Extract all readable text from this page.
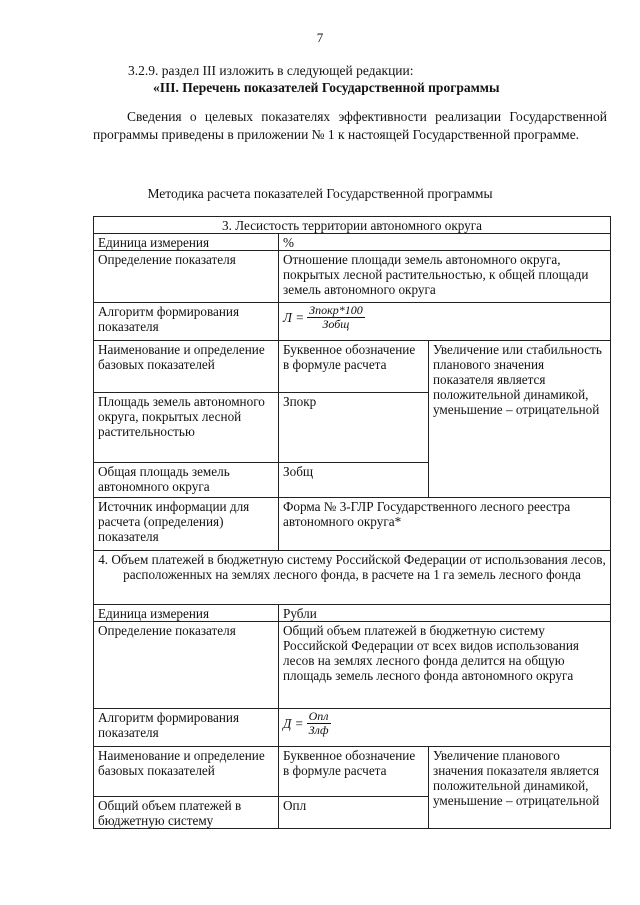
7
3.2.9. раздел III изложить в следующей редакции:
«III. Перечень показателей Государственной программы
Сведения о целевых показателях эффективности реализации Государственной программы приведены в приложении № 1 к настоящей Государственной программе.
Методика расчета показателей Государственной программы
3. Лесистость территории автономного округа		
Единица измерения	%	
Определение показателя	Отношение площади земель автономного округа, покрытых лесной растительностью, к общей площади земель автономного округа	
Алгоритм формирования показателя	$Л = \frac{\text{Зпокр*100}}{\text{Зобщ}}$

Наименование и определение базовых показателей	Буквенное обозначение в формуле расчета	Увеличение или стабильность планового значения показателя является положительной динамикой, уменьшение – отрицательной
Площадь земель автономного округа, покрытых лесной растительностью	Зпокр	
Общая площадь земель автономного округа	Зобщ	
Источник информации для расчета (определения) показателя	Форма № 3-ГЛР Государственного лесного реестра автономного округа*	
4. Объем платежей в бюджетную систему Российской Федерации от использования лесов, расположенных на землях лесного фонда, в расчете на 1 га земель лесного фонда		
Единица измерения	Рубли	
Определение показателя	Общий объем платежей в бюджетную систему Российской Федерации от всех видов использования лесов на землях лесного фонда делится на общую площадь земель лесного фонда автономного округа	
Алгоритм формирования показателя	$Д = \frac{\text{Опл}}{\text{Злф}}$

Наименование и определение базовых показателей	Буквенное обозначение в формуле расчета	Увеличение планового значения показателя является положительной динамикой, уменьшение – отрицательной
Общий объем платежей в бюджетную систему	Опл	
